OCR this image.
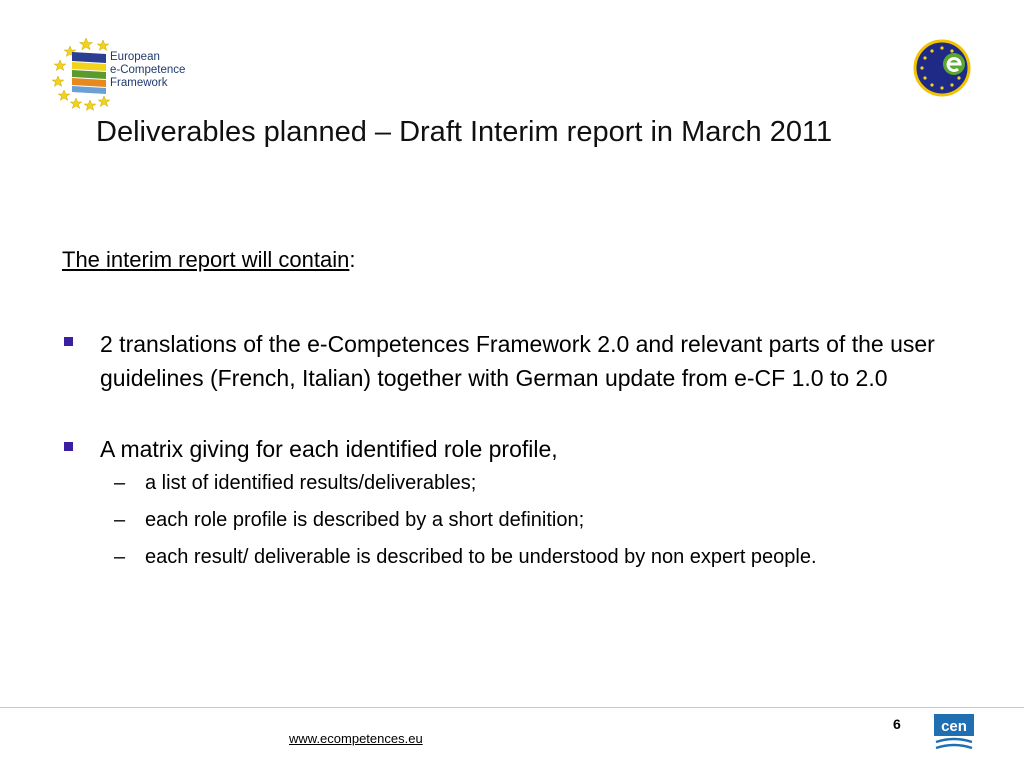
European
e-Competence
Framework
Deliverables planned – Draft Interim report in March 2011
The interim report will contain:
2 translations of the e-Competences Framework 2.0 and relevant parts of the user guidelines (French, Italian) together with German update from e-CF 1.0 to 2.0
A matrix giving for each identified role profile,
– a list of identified results/deliverables;
– each role profile is described by a short definition;
– each result/ deliverable is described to be understood by non expert people.
6
www.ecompetences.eu
cen
